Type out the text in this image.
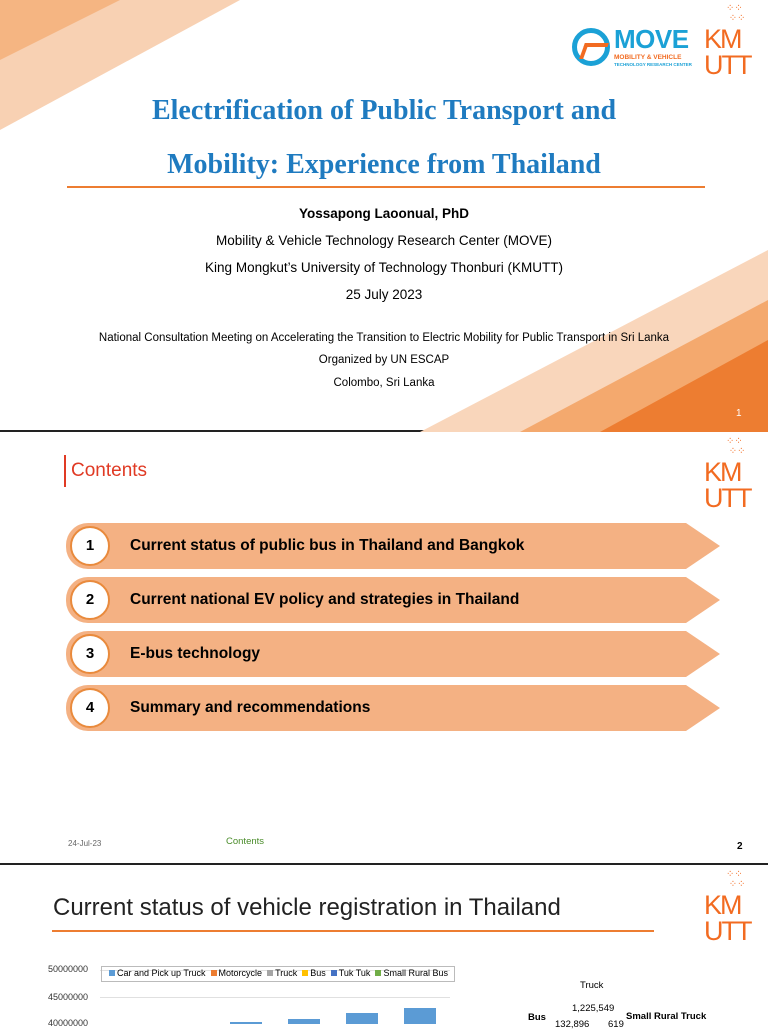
MOVE
MOBILITY & VEHICLE
TECHNOLOGY RESEARCH CENTER
⁘⁘
⁘⁘
KM
UTT
Electrification of Public Transport and
Mobility: Experience from Thailand
Yossapong Laoonual, PhD
Mobility & Vehicle Technology Research Center (MOVE)
King Mongkut’s University of Technology Thonburi (KMUTT)
25 July 2023
National Consultation Meeting on Accelerating the Transition to Electric Mobility for Public Transport in Sri Lanka
Organized by UN ESCAP
Colombo, Sri Lanka
1
Contents
⁘⁘
⁘⁘
KM
UTT
1	Current status of public bus in Thailand and Bangkok
2	Current national EV policy and strategies in Thailand
3	E-bus technology
4	Summary and recommendations
24-Jul-23	Contents	2
Current status of vehicle registration in Thailand
⁘⁘
⁘⁘
KM
UTT
50000000
45000000
40000000
Car and Pick up Truck Motorcycle Truck Bus Tuk Tuk Small Rural Bus
Truck
1,225,549
Bus
132,896 619
Small Rural Truck
